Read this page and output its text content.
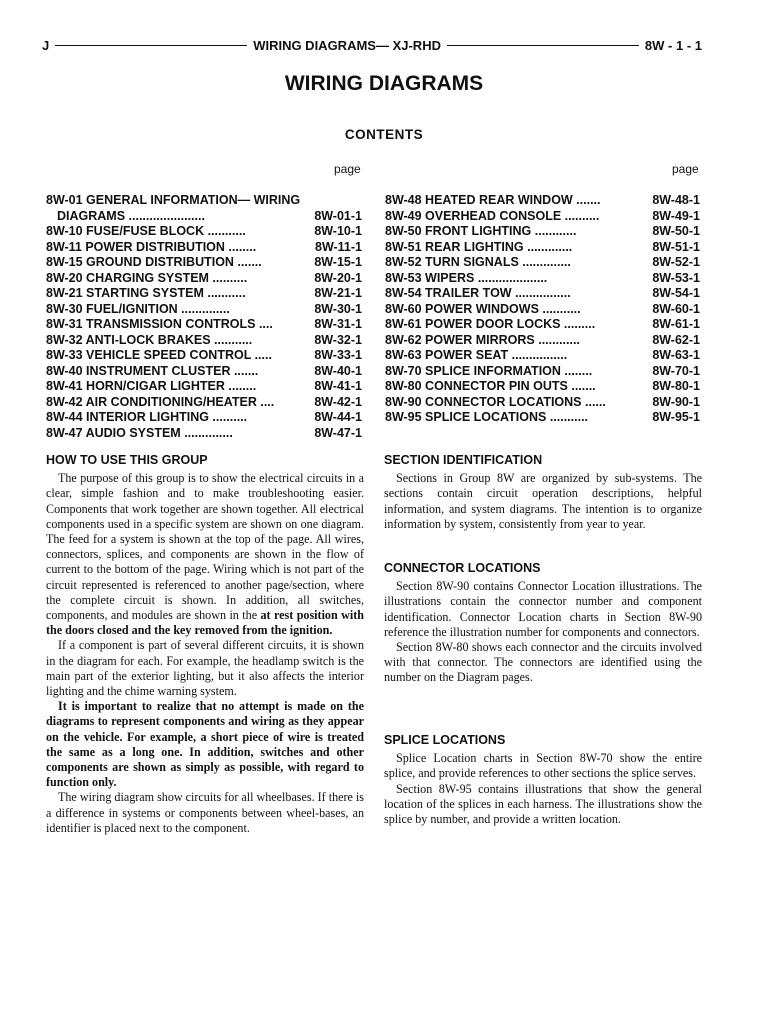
J	WIRING DIAGRAMS— XJ-RHD	8W - 1 - 1
WIRING DIAGRAMS
CONTENTS
page	page
8W-01 GENERAL INFORMATION— WIRING
DIAGRAMS ......................	8W-01-1
8W-10 FUSE/FUSE BLOCK ...........	8W-10-1
8W-11 POWER DISTRIBUTION ........	8W-11-1
8W-15 GROUND DISTRIBUTION .......	8W-15-1
8W-20 CHARGING SYSTEM ..........	8W-20-1
8W-21 STARTING SYSTEM ...........	8W-21-1
8W-30 FUEL/IGNITION ..............	8W-30-1
8W-31 TRANSMISSION CONTROLS ....	8W-31-1
8W-32 ANTI-LOCK BRAKES ...........	8W-32-1
8W-33 VEHICLE SPEED CONTROL .....	8W-33-1
8W-40 INSTRUMENT CLUSTER .......	8W-40-1
8W-41 HORN/CIGAR LIGHTER ........	8W-41-1
8W-42 AIR CONDITIONING/HEATER ....	8W-42-1
8W-44 INTERIOR LIGHTING ..........	8W-44-1
8W-47 AUDIO SYSTEM ..............	8W-47-1
8W-48 HEATED REAR WINDOW .......	8W-48-1
8W-49 OVERHEAD CONSOLE ..........	8W-49-1
8W-50 FRONT LIGHTING ............	8W-50-1
8W-51 REAR LIGHTING .............	8W-51-1
8W-52 TURN SIGNALS ..............	8W-52-1
8W-53 WIPERS ....................	8W-53-1
8W-54 TRAILER TOW ................	8W-54-1
8W-60 POWER WINDOWS ...........	8W-60-1
8W-61 POWER DOOR LOCKS .........	8W-61-1
8W-62 POWER MIRRORS ............	8W-62-1
8W-63 POWER SEAT ................	8W-63-1
8W-70 SPLICE INFORMATION ........	8W-70-1
8W-80 CONNECTOR PIN OUTS .......	8W-80-1
8W-90 CONNECTOR LOCATIONS ......	8W-90-1
8W-95 SPLICE LOCATIONS ...........	8W-95-1
HOW TO USE THIS GROUP

The purpose of this group is to show the electrical circuits in a clear, simple fashion and to make troubleshooting easier. Components that work together are shown together. All electrical components used in a specific system are shown on one diagram. The feed for a system is shown at the top of the page. All wires, connectors, splices, and components are shown in the flow of current to the bottom of the page. Wiring which is not part of the circuit represented is referenced to another page/section, where the complete circuit is shown. In addition, all switches, components, and modules are shown in the at rest position with the doors closed and the key removed from the ignition.

If a component is part of several different circuits, it is shown in the diagram for each. For example, the headlamp switch is the main part of the exterior lighting, but it also affects the interior lighting and the chime warning system.

It is important to realize that no attempt is made on the diagrams to represent components and wiring as they appear on the vehicle. For example, a short piece of wire is treated the same as a long one. In addition, switches and other components are shown as simply as possible, with regard to function only.

The wiring diagram show circuits for all wheelbases. If there is a difference in systems or components between wheel-bases, an identifier is placed next to the component.

SECTION IDENTIFICATION

Sections in Group 8W are organized by sub-systems. The sections contain circuit operation descriptions, helpful information, and system diagrams. The intention is to organize information by system, consistently from year to year.

CONNECTOR LOCATIONS

Section 8W-90 contains Connector Location illustrations. The illustrations contain the connector number and component identification. Connector Location charts in Section 8W-90 reference the illustration number for components and connectors.

Section 8W-80 shows each connector and the circuits involved with that connector. The connectors are identified using the number on the Diagram pages.

SPLICE LOCATIONS

Splice Location charts in Section 8W-70 show the entire splice, and provide references to other sections the splice serves.

Section 8W-95 contains illustrations that show the general location of the splices in each harness. The illustrations show the splice by number, and provide a written location.
